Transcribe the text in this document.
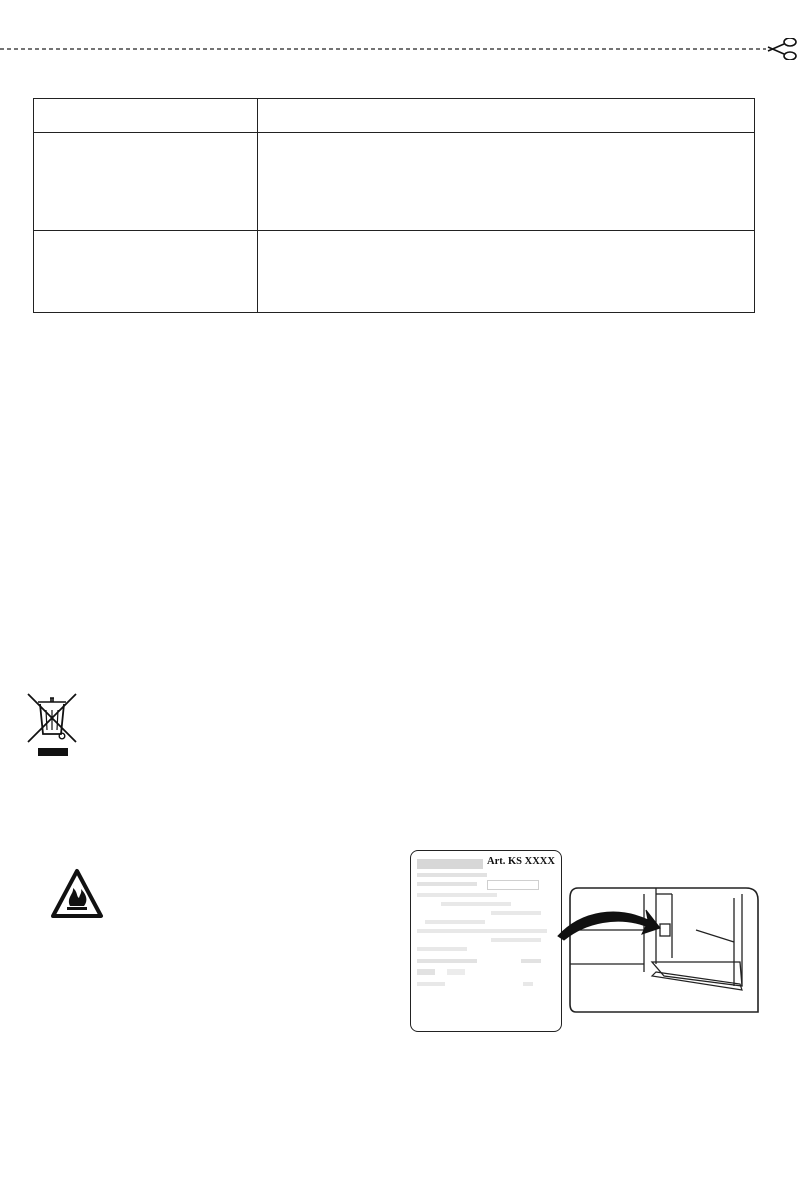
Art. KS XXXX
